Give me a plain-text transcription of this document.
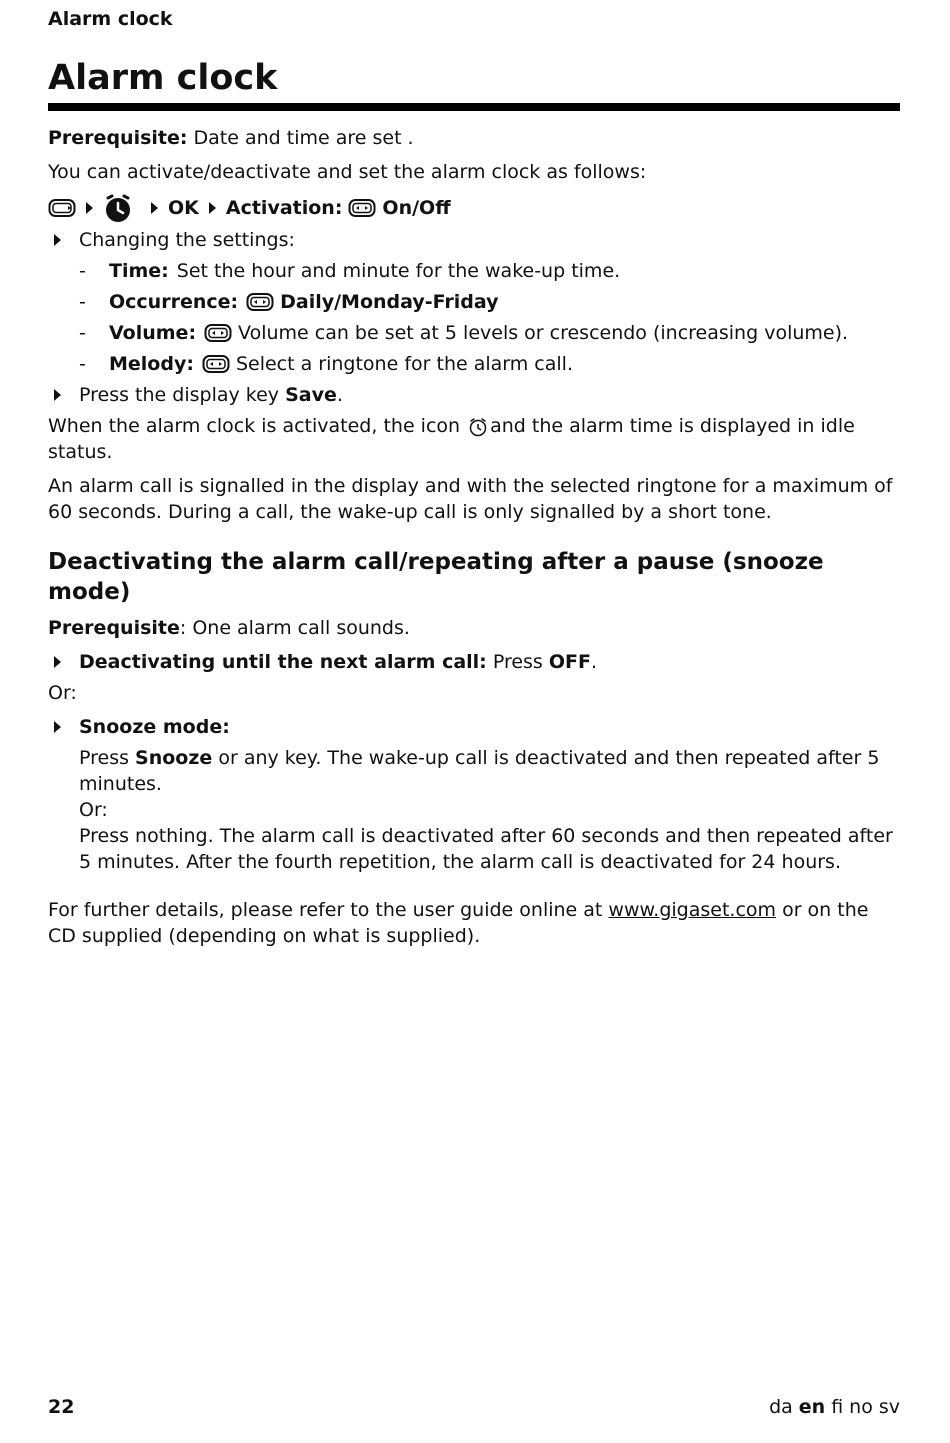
Alarm clock
Alarm clock

Prerequisite: Date and time are set .

You can activate/deactivate and set the alarm clock as follows:

OK Activation: On/Off
Changing the settings:
-	Time: Set the hour and minute for the wake-up time.
-	Occurrence: Daily/Monday-Friday
-	Volume: Volume can be set at 5 levels or crescendo (increasing volume).
-	Melody: Select a ringtone for the alarm call.
Press the display key Save.

When the alarm clock is activated, the icon and the alarm time is displayed in idle status.

An alarm call is signalled in the display and with the selected ringtone for a maximum of 60 seconds. During a call, the wake-up call is only signalled by a short tone.

Deactivating the alarm call/repeating after a pause (snooze mode)

Prerequisite: One alarm call sounds.

Deactivating until the next alarm call: Press OFF.

Or:

Snooze mode:
Press Snooze or any key. The wake-up call is deactivated and then repeated after 5 minutes.
Or:
Press nothing. The alarm call is deactivated after 60 seconds and then repeated after 5 minutes. After the fourth repetition, the alarm call is deactivated for 24 hours.

For further details, please refer to the user guide online at www.gigaset.com or on the CD supplied (depending on what is supplied).

22	da en fi no sv
